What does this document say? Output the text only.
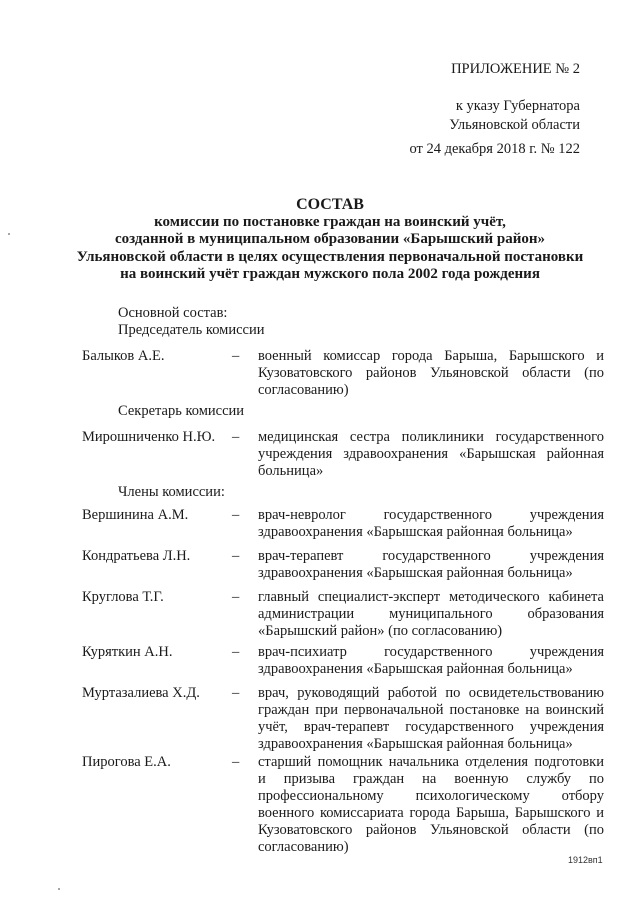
ПРИЛОЖЕНИЕ № 2
к указу Губернатора
Ульяновской области
от 24 декабря 2018 г. № 122
СОСТАВ
комиссии по постановке граждан на воинский учёт,
созданной в муниципальном образовании «Барышский район»
Ульяновской области в целях осуществления первоначальной постановки
на воинский учёт граждан мужского пола 2002 года рождения
Основной состав:
Председатель комиссии
Балыков А.Е.	– военный комиссар города Барыша, Барышского и Кузоватовского районов Ульяновской области (по согласованию)
Секретарь комиссии
Мирошниченко Н.Ю. – медицинская сестра поликлиники государственного учреждения здравоохранения «Барышская районная больница»
Члены комиссии:
Вершинина А.М.	– врач-невролог государственного учреждения здравоохранения «Барышская районная больница»
Кондратьева Л.Н.	– врач-терапевт государственного учреждения здравоохранения «Барышская районная больница»
Круглова Т.Г.	– главный специалист-эксперт методического кабинета администрации муниципального образования «Барышский район» (по согласованию)
Куряткин А.Н.	– врач-психиатр государственного учреждения здравоохранения «Барышская районная больница»
Муртазалиева Х.Д. – врач, руководящий работой по освидетельствованию граждан при первоначальной постановке на воинский учёт, врач-терапевт государственного учреждения здравоохранения «Барышская районная больница»
Пирогова Е.А.	– старший помощник начальника отделения подготовки и призыва граждан на военную службу по профессиональному психологическому отбору военного комиссариата города Барыша, Барышского и Кузоватовского районов Ульяновской области (по согласованию)
1912вп1
